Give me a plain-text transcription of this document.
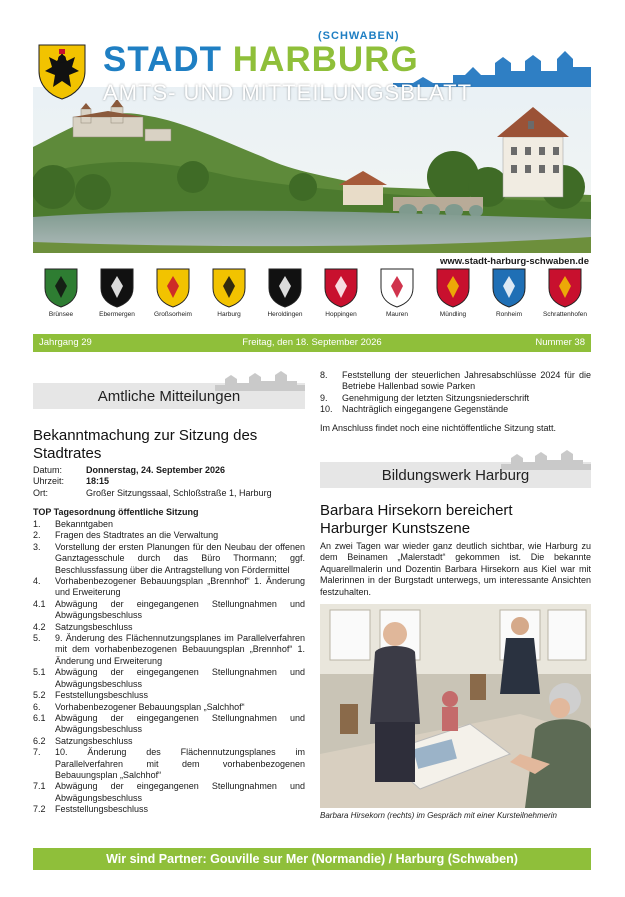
STADT HARBURG
(SCHWABEN)
AMTS- UND MITTEILUNGSBLATT
www.stadt-harburg-schwaben.de
Brünsee	Ebermergen	Großsorheim	Harburg	Heroldingen	Hoppingen	Mauren	Mündling	Ronheim	Schrattenhofen
Jahrgang 29	Freitag, den 18. September 2026	Nummer 38
Amtliche Mitteilungen
Bekanntmachung zur Sitzung des Stadtrates
Datum:	Donnerstag, 24. September 2026
Uhrzeit:	18:15
Ort:	Großer Sitzungssaal, Schloßstraße 1, Harburg
TOP Tagesordnung öffentliche Sitzung
1. Bekanntgaben
2. Fragen des Stadtrates an die Verwaltung
3. Vorstellung der ersten Planungen für den Neubau der offenen Ganztagesschule durch das Büro Thormann; ggf. Beschlussfassung über die Antragstellung von Fördermittel
4. Vorhabenbezogener Bebauungsplan „Brennhof“ 1. Änderung und Erweiterung
4.1 Abwägung der eingegangenen Stellungnahmen und Abwägungsbeschluss
4.2 Satzungsbeschluss
5. 9. Änderung des Flächennutzungsplanes im Parallelverfahren mit dem vorhabenbezogenen Bebauungsplan „Brennhof“ 1. Änderung und Erweiterung
5.1 Abwägung der eingegangenen Stellungnahmen und Abwägungsbeschluss
5.2 Feststellungsbeschluss
6. Vorhabenbezogener Bebauungsplan „Salchhof“
6.1 Abwägung der eingegangenen Stellungnahmen und Abwägungsbeschluss
6.2 Satzungsbeschluss
7. 10. Änderung des Flächennutzungsplanes im Parallelverfahren mit dem vorhabenbezogenen Bebauungsplan „Salchhof“
7.1 Abwägung der eingegangenen Stellungnahmen und Abwägungsbeschluss
7.2 Feststellungsbeschluss
8. Feststellung der steuerlichen Jahresabschlüsse 2024 für die Betriebe Hallenbad sowie Parken
9. Genehmigung der letzten Sitzungsniederschrift
10. Nachträglich eingegangene Gegenstände
Im Anschluss findet noch eine nichtöffentliche Sitzung statt.
Bildungswerk Harburg
Barbara Hirsekorn bereichert Harburger Kunstszene
An zwei Tagen war wieder ganz deutlich sichtbar, wie Harburg zu dem Beinamen „Malerstadt“ gekommen ist. Die bekannte Aquarellmalerin und Dozentin Barbara Hirsekorn aus Kiel war mit Malerinnen in der Burgstadt unterwegs, um interessante Ansichten festzuhalten.
Barbara Hirsekorn (rechts) im Gespräch mit einer Kursteilnehmerin
Wir sind Partner: Gouville sur Mer (Normandie) / Harburg (Schwaben)
